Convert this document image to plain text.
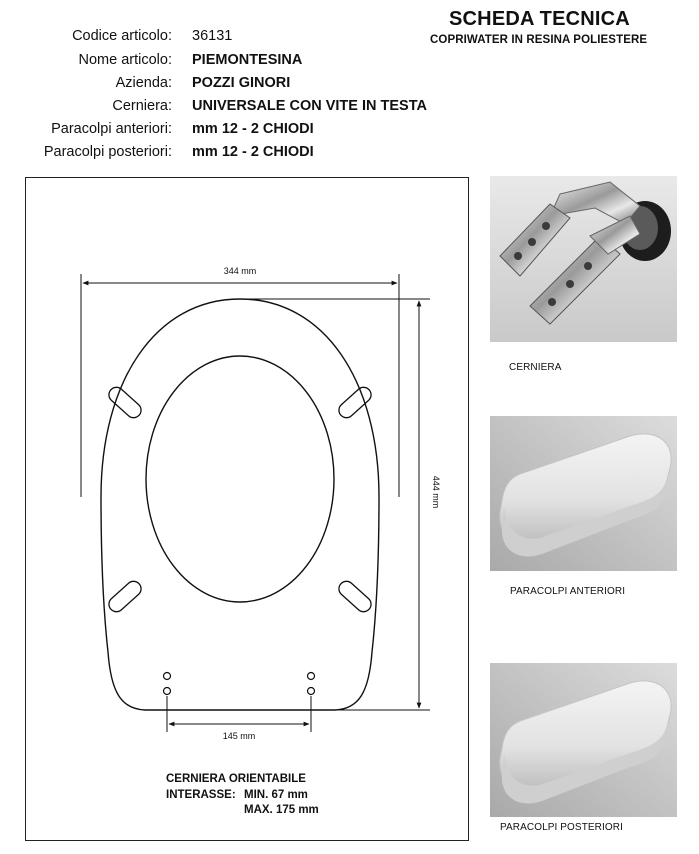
SCHEDA TECNICA
COPRIWATER IN RESINA POLIESTERE
Codice articolo: 36131
Nome articolo: PIEMONTESINA
Azienda: POZZI GINORI
Cerniera: UNIVERSALE CON VITE IN TESTA
Paracolpi anteriori: mm 12 - 2 CHIODI
Paracolpi posteriori: mm 12 - 2 CHIODI
344 mm
444 mm
145 mm
CERNIERA ORIENTABILE
INTERASSE: MIN. 67 mm
MAX. 175 mm
CERNIERA
PARACOLPI ANTERIORI
PARACOLPI POSTERIORI
